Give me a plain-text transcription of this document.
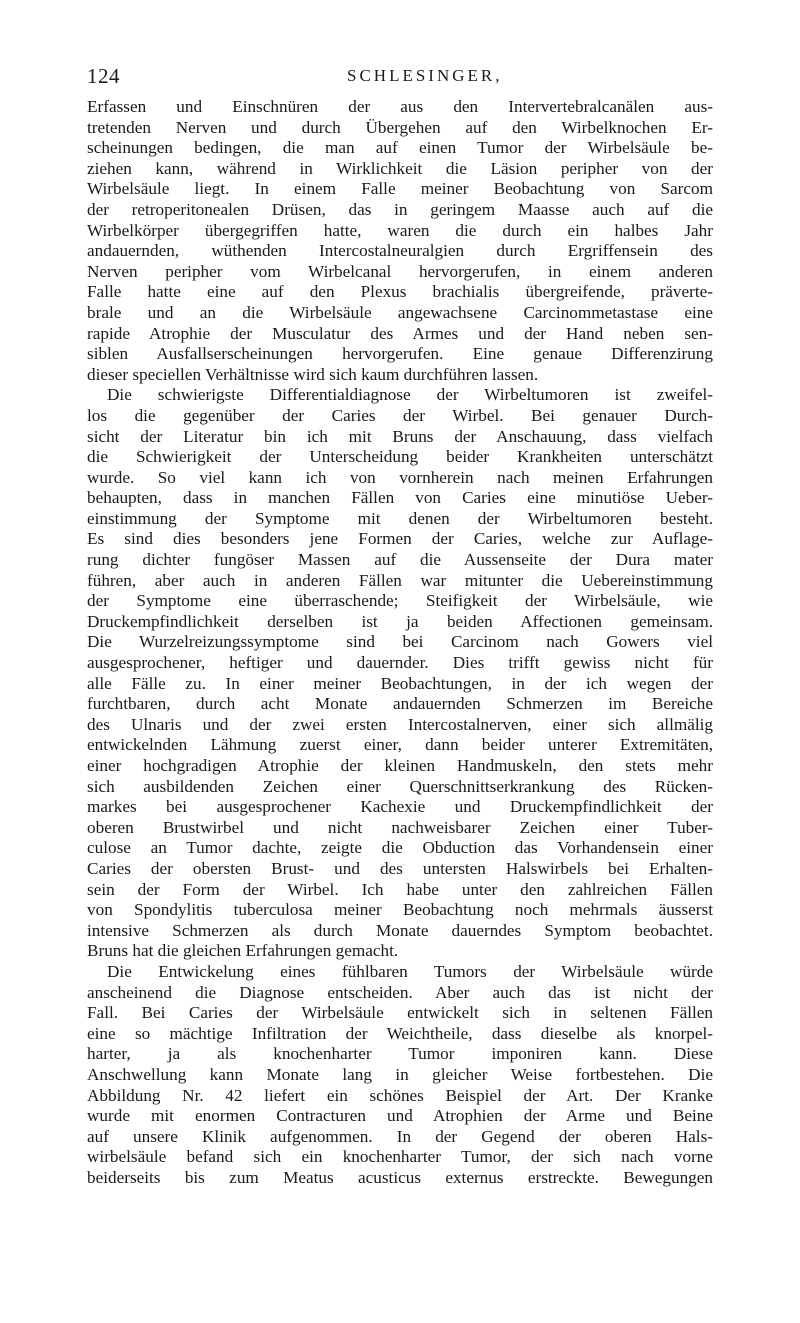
124	SCHLESINGER,

Erfassen und Einschnüren der aus den Intervertebralcanälen aus-
tretenden Nerven und durch Übergehen auf den Wirbelknochen Er-
scheinungen bedingen, die man auf einen Tumor der Wirbelsäule be-
ziehen kann, während in Wirklichkeit die Läsion peripher von der
Wirbelsäule liegt. In einem Falle meiner Beobachtung von Sarcom
der retroperitonealen Drüsen, das in geringem Maasse auch auf die
Wirbelkörper übergegriffen hatte, waren die durch ein halbes Jahr
andauernden, wüthenden Intercostalneuralgien durch Ergriffensein des
Nerven peripher vom Wirbelcanal hervorgerufen, in einem anderen
Falle hatte eine auf den Plexus brachialis übergreifende, präverte-
brale und an die Wirbelsäule angewachsene Carcinommetastase eine
rapide Atrophie der Musculatur des Armes und der Hand neben sen-
siblen Ausfallserscheinungen hervorgerufen. Eine genaue Differenzirung
dieser speciellen Verhältnisse wird sich kaum durchführen lassen.

Die schwierigste Differentialdiagnose der Wirbeltumoren ist zweifel-
los die gegenüber der Caries der Wirbel. Bei genauer Durch-
sicht der Literatur bin ich mit Bruns der Anschauung, dass vielfach
die Schwierigkeit der Unterscheidung beider Krankheiten unterschätzt
wurde. So viel kann ich von vornherein nach meinen Erfahrungen
behaupten, dass in manchen Fällen von Caries eine minutiöse Ueber-
einstimmung der Symptome mit denen der Wirbeltumoren besteht.
Es sind dies besonders jene Formen der Caries, welche zur Auflage-
rung dichter fungöser Massen auf die Aussenseite der Dura mater
führen, aber auch in anderen Fällen war mitunter die Uebereinstimmung
der Symptome eine überraschende; Steifigkeit der Wirbelsäule, wie
Druckempfindlichkeit derselben ist ja beiden Affectionen gemeinsam.
Die Wurzelreizungssymptome sind bei Carcinom nach Gowers viel
ausgesprochener, heftiger und dauernder. Dies trifft gewiss nicht für
alle Fälle zu. In einer meiner Beobachtungen, in der ich wegen der
furchtbaren, durch acht Monate andauernden Schmerzen im Bereiche
des Ulnaris und der zwei ersten Intercostalnerven, einer sich allmälig
entwickelnden Lähmung zuerst einer, dann beider unterer Extremitäten,
einer hochgradigen Atrophie der kleinen Handmuskeln, den stets mehr
sich ausbildenden Zeichen einer Querschnittserkrankung des Rücken-
markes bei ausgesprochener Kachexie und Druckempfindlichkeit der
oberen Brustwirbel und nicht nachweisbarer Zeichen einer Tuber-
culose an Tumor dachte, zeigte die Obduction das Vorhandensein einer
Caries der obersten Brust- und des untersten Halswirbels bei Erhalten-
sein der Form der Wirbel. Ich habe unter den zahlreichen Fällen
von Spondylitis tuberculosa meiner Beobachtung noch mehrmals äusserst
intensive Schmerzen als durch Monate dauerndes Symptom beobachtet.
Bruns hat die gleichen Erfahrungen gemacht.

Die Entwickelung eines fühlbaren Tumors der Wirbelsäule würde
anscheinend die Diagnose entscheiden. Aber auch das ist nicht der
Fall. Bei Caries der Wirbelsäule entwickelt sich in seltenen Fällen
eine so mächtige Infiltration der Weichtheile, dass dieselbe als knorpel-
harter, ja als knochenharter Tumor imponiren kann. Diese
Anschwellung kann Monate lang in gleicher Weise fortbestehen. Die
Abbildung Nr. 42 liefert ein schönes Beispiel der Art. Der Kranke
wurde mit enormen Contracturen und Atrophien der Arme und Beine
auf unsere Klinik aufgenommen. In der Gegend der oberen Hals-
wirbelsäule befand sich ein knochenharter Tumor, der sich nach vorne
beiderseits bis zum Meatus acusticus externus erstreckte. Bewegungen
